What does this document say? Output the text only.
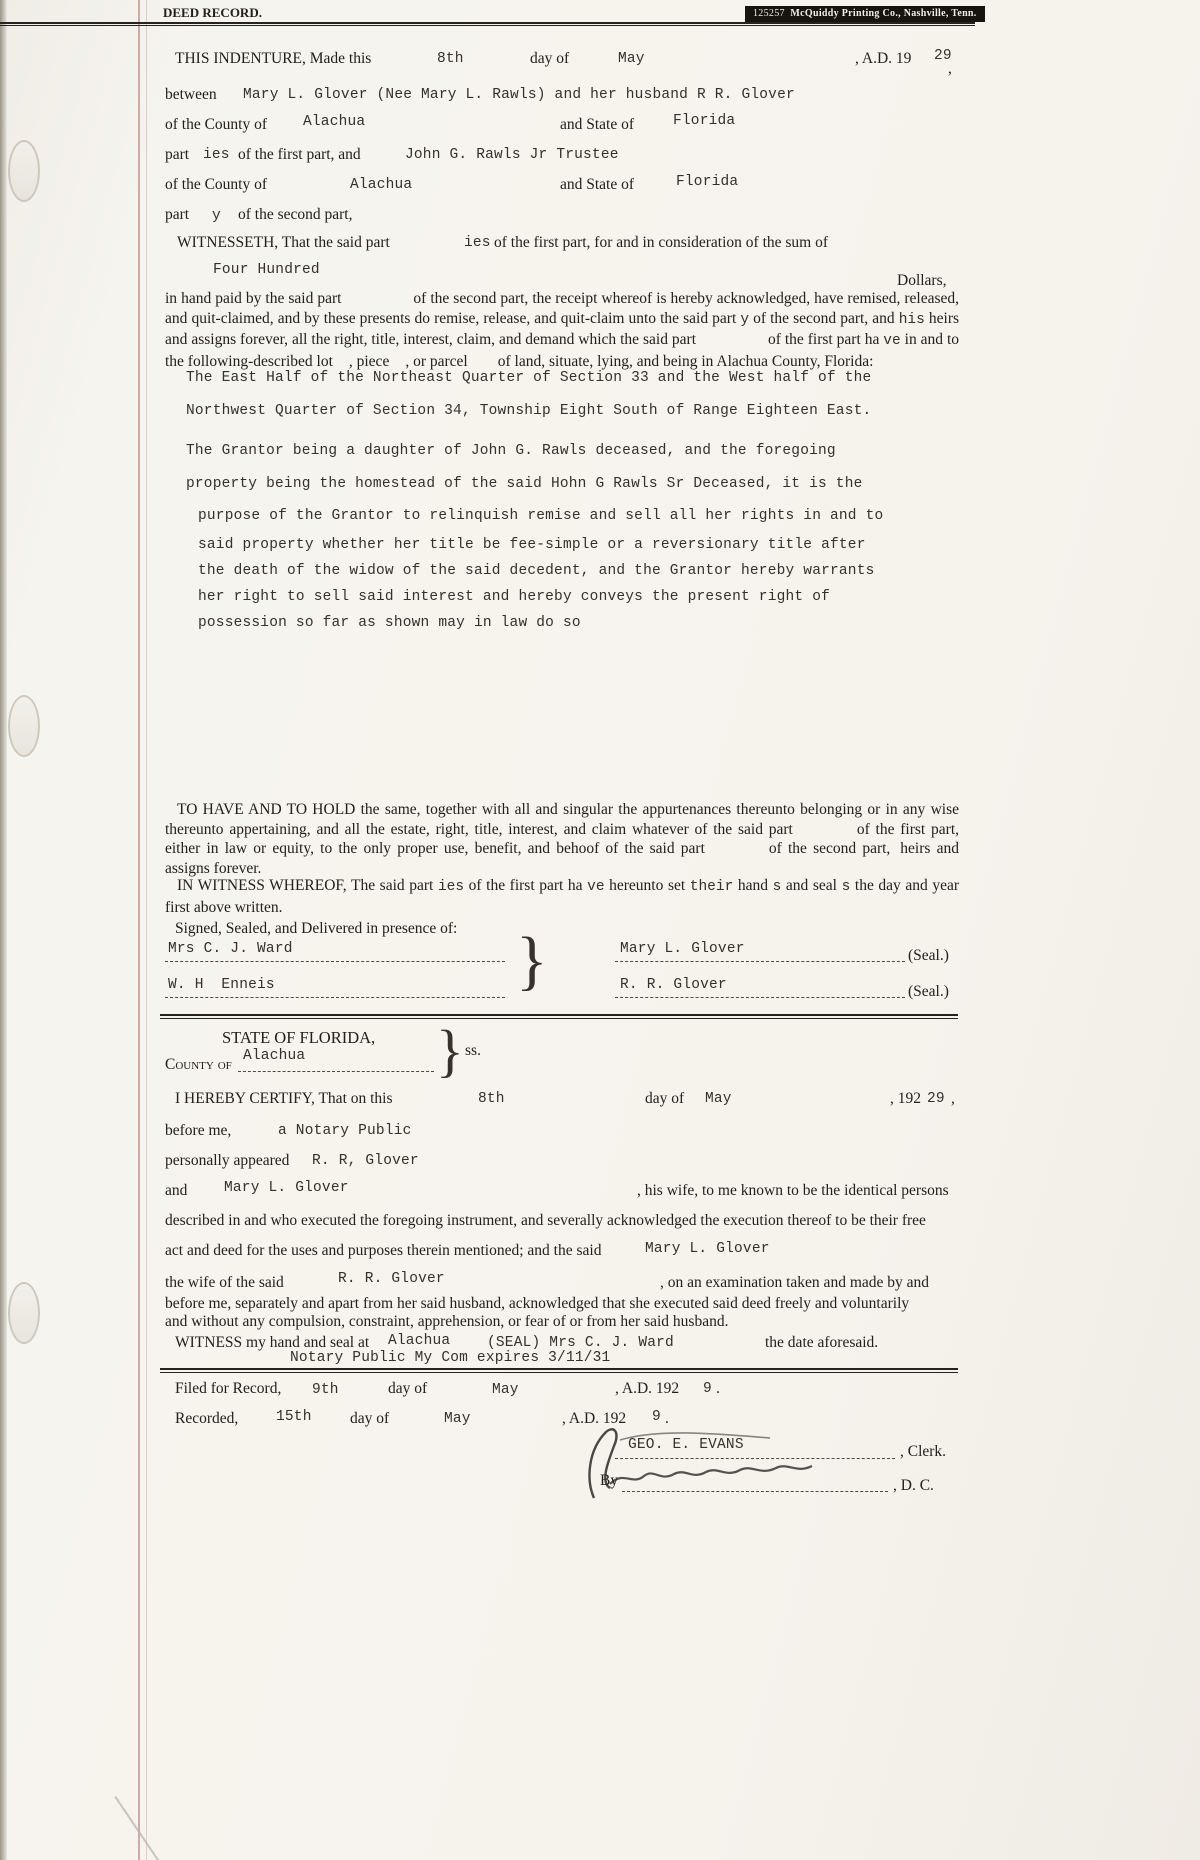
DEED RECORD.	125257 McQuiddy Printing Co., Nashville, Tenn.
THIS INDENTURE, Made this	8th	day of	May	, A.D. 19 29
,
between Mary L. Glover (Nee Mary L. Rawls) and her husband R R. Glover
of the County of Alachua	and State of	Florida
part ies of the first part, and	John G. Rawls Jr Trustee
of the County of	Alachua	and State of	Florida
part y of the second part,
WITNESSETH, That the said part	ies of the first part, for and in consideration of the sum of
Four Hundred
Dollars,
in hand paid by the said part	of the second part, the receipt whereof is hereby acknowledged, have remised, released, and quit-claimed, and by these presents do remise, release, and quit-claim unto the said part y of the second part, and his heirs and assigns forever, all the right, title, interest, claim, and demand which the said part	of the first part ha ve in and to the following-described lot , piece , or parcel of land, situate, lying, and being in Alachua County, Florida:
The East Half of the Northeast Quarter of Section 33 and the West half of the
Northwest Quarter of Section 34, Township Eight South of Range Eighteen East.
The Grantor being a daughter of John G. Rawls deceased, and the foregoing
property being the homestead of the said Hohn G Rawls Sr Deceased, it is the
purpose of the Grantor to relinquish remise and sell all her rights in and to
said property whether her title be fee-simple or a reversionary title after
the death of the widow of the said decedent, and the Grantor hereby warrants
her right to sell said interest and hereby conveys the present right of
possession so far as shown may in law do so
TO HAVE AND TO HOLD the same, together with all and singular the appurtenances thereunto belonging or in any wise thereunto appertaining, and all the estate, right, title, interest, and claim whatever of the said part	of the first part, either in law or equity, to the only proper use, benefit, and behoof of the said part	of the second part, heirs and assigns forever.
IN WITNESS WHEREOF, The said part ies of the first part ha ve hereunto set their hand s and seal s the day and year first above written.
Signed, Sealed, and Delivered in presence of:
Mrs C. J. Ward	}	Mary L. Glover	(Seal.)
W. H  Enneis	R. R. Glover	(Seal.)
STATE OF FLORIDA,
County of Alachua } ss.
I HEREBY CERTIFY, That on this	8th	day of May	, 192 29 ,
before me,	a Notary Public
personally appeared R. R, Glover
and	Mary L. Glover	, his wife, to me known to be the identical persons
described in and who executed the foregoing instrument, and severally acknowledged the execution thereof to be their free
act and deed for the uses and purposes therein mentioned; and the said	Mary L. Glover
the wife of the said	R. R. Glover	, on an examination taken and made by and
before me, separately and apart from her said husband, acknowledged that she executed said deed freely and voluntarily
and without any compulsion, constraint, apprehension, or fear of or from her said husband.
WITNESS my hand and seal at Alachua	(SEAL) Mrs C. J. Ward	the date aforesaid.
Notary Public My Com expires 3/11/31
Filed for Record, 9th	day of	May	, A.D. 192 9 .
Recorded,	15th day of	May	, A.D. 192 9 .
GEO. E. EVANS	, Clerk.
By	, D. C.
